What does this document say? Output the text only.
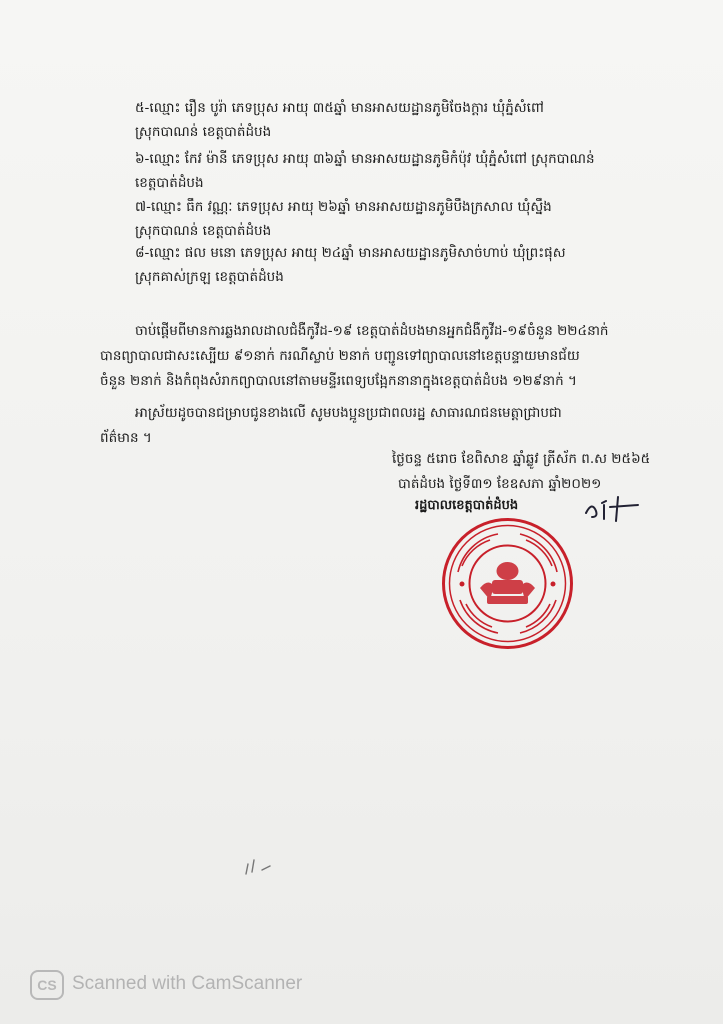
៥-ឈ្មោះ រឿន បូរ៉ា ភេទប្រុស អាយុ ៣៥ឆ្នាំ មានអាសយដ្ឋានភូមិចែងក្ដារ ឃុំភ្នំសំពៅ
ស្រុកបាណន់ ខេត្តបាត់ដំបង
៦-ឈ្មោះ កែវ ម៉ានី ភេទប្រុស អាយុ ៣៦ឆ្នាំ មានអាសយដ្ឋានភូមិកំប៉ុវ ឃុំភ្នំសំពៅ ស្រុកបាណន់
ខេត្តបាត់ដំបង
៧-ឈ្មោះ ធឹក វណ្ណៈ ភេទប្រុស អាយុ ២៦ឆ្នាំ មានអាសយដ្ឋានភូមិបឹងក្រសាល ឃុំស្នឹង
ស្រុកបាណន់ ខេត្តបាត់ដំបង
៨-ឈ្មោះ ផល មនោ ភេទប្រុស អាយុ ២៤ឆ្នាំ មានអាសយដ្ឋានភូមិសាច់ហាប់ ឃុំព្រះផុស
ស្រុកគាស់ក្រឡ ខេត្តបាត់ដំបង
ចាប់ផ្ដើមពីមានការឆ្លងរាលដាលជំងឺកូវីដ-១៩ ខេត្តបាត់ដំបងមានអ្នកជំងឺកូវីដ-១៩ចំនួន ២២៤នាក់
បានព្យាបាលជាសះស្បើយ ៩១នាក់ ករណីស្លាប់ ២នាក់ បញ្ជូនទៅព្យាបាលនៅខេត្តបន្ទាយមានជ័យ
ចំនួន ២នាក់ និងកំពុងសំរាកព្យាបាលនៅតាមមន្ទីរពេទ្យបង្អែកនានាក្នុងខេត្តបាត់ដំបង ១២៩នាក់ ។
អាស្រ័យដូចបានជម្រាបជូនខាងលើ សូមបងប្អូនប្រជាពលរដ្ឋ សាធារណជនមេត្តាជ្រាបជា
ព័ត៌មាន ។
ថ្ងៃចន្ទ ៥រោច ខែពិសាខ ឆ្នាំឆ្លូវ ត្រីស័ក ព.ស ២៥៦៥
បាត់ដំបង ថ្ងៃទី៣១ ខែឧសភា ឆ្នាំ២០២១
រដ្ឋបាលខេត្តបាត់ដំបង
CS Scanned with CamScanner
